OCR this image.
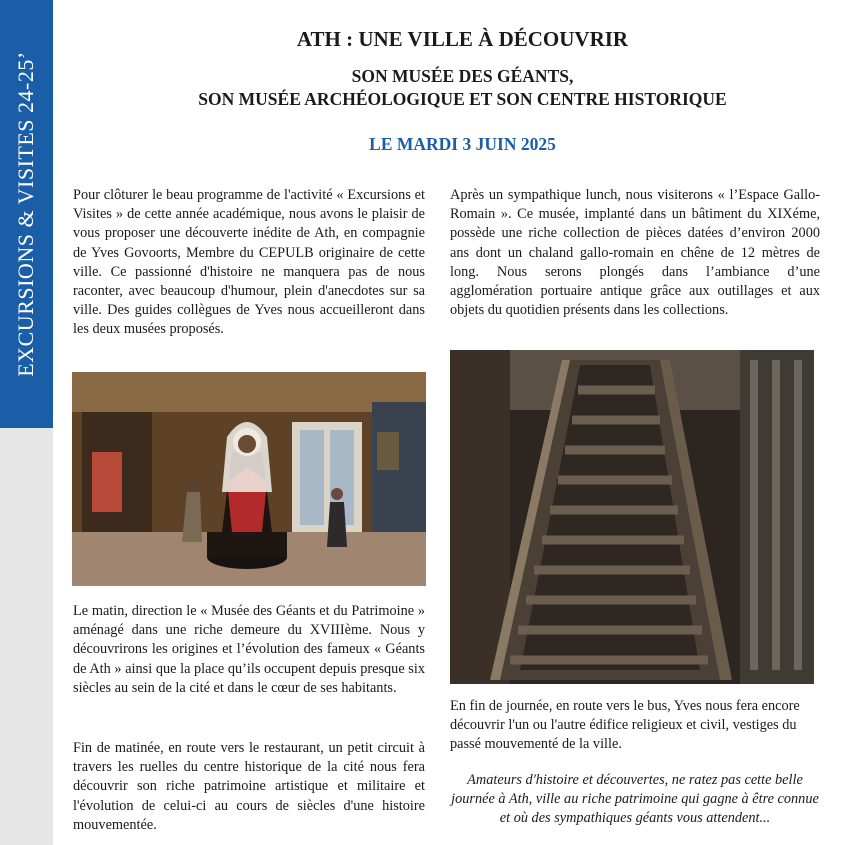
EXCURSIONS & VISITES 24-25’
ATH : UNE VILLE À DÉCOUVRIR
SON MUSÉE DES GÉANTS,
SON MUSÉE ARCHÉOLOGIQUE ET SON CENTRE HISTORIQUE
LE MARDI 3 JUIN 2025

Pour clôturer le beau programme de l'activité « Excursions et Visites » de cette année académique, nous avons le plaisir de vous proposer une découverte inédite de Ath, en compagnie de Yves Govoorts, Membre du CEPULB originaire de cette ville. Ce passionné d'histoire ne manquera pas de nous raconter, avec beaucoup d'humour, plein d'anecdotes sur sa ville. Des guides collègues de Yves nous accueilleront dans les deux musées proposés.

Le matin, direction le « Musée des Géants et du Patrimoine » aménagé dans une riche demeure du XVIIIème. Nous y découvrirons les origines et l’évolution des fameux « Géants de Ath » ainsi que la place qu’ils occupent depuis presque six siècles au sein de la cité et dans le cœur de ses habitants.

Fin de matinée, en route vers le restaurant, un petit circuit à travers les ruelles du centre historique de la cité nous fera découvrir son riche patrimoine artistique et militaire et l'évolution de celui-ci au cours de siècles d'une histoire mouvementée.

Après un sympathique lunch, nous visiterons « l’Espace Gallo-Romain ». Ce musée, implanté dans un bâtiment du XIXéme, possède une riche collection de pièces datées d’environ 2000 ans dont un chaland gallo-romain en chêne de 12 mètres de long. Nous serons plongés dans l’ambiance d’une agglomération portuaire antique grâce aux outillages et aux objets du quotidien présents dans les collections.

En fin de journée, en route vers le bus, Yves nous fera encore découvrir l'un ou l'autre édifice religieux et civil, vestiges du passé mouvementé de la ville.

Amateurs d'histoire et découvertes, ne ratez pas cette belle journée à Ath, ville au riche patrimoine qui gagne à être connue et où des sympathiques géants vous attendent...
